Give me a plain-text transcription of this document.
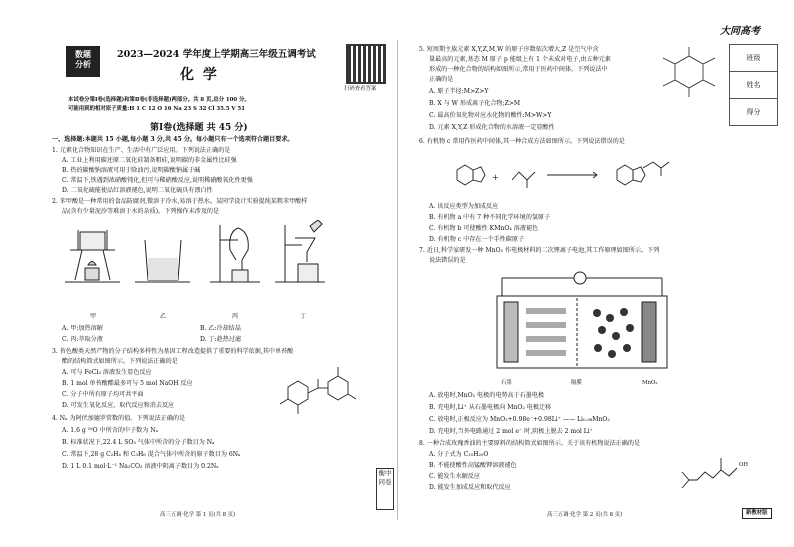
数题
分析
2023—2024 学年度上学期高三年级五调考试
化 学
扫码查看答案
本试卷分第Ⅰ卷(选择题)和第Ⅱ卷(非选择题)两部分。共 8 页,总分 100 分。
可能用到的相对原子质量:H 1 C 12 O 16 Na 23 S 32 Cl 35.5 V 51
第Ⅰ卷(选择题 共 45 分)
一、选择题:本题共 15 小题,每小题 3 分,共 45 分。每小题只有一个选项符合题目要求。
1. 元素化合物知识在生产、生活中有广泛应用。下列说法正确的是
A. 工业上利用碳还原二氧化硅制备粗硅,说明碳的非金属性比硅强
B. 热的碳酸钠溶液可用于除油污,说明碳酸钠属于碱
C. 常温下,铁遇到浓硝酸钝化,但可与稀硝酸反应,说明稀硝酸氧化性更强
D. 二氧化硫能使品红溶液褪色,说明二氧化硫具有漂白性
2. 苯甲酸是一种常用的食品防腐剂,微溶于冷水,易溶于热水。某同学设计实验提纯某粗苯甲酸样
品(含有少量泥沙等难溶于水的杂质)。下列操作未涉及的是
甲	乙	丙	丁
A. 甲:加热溶解	B. 乙:冷却结晶
C. 丙:萃取分液	D. 丁:趁热过滤
3. 苔色酸类天然产物的分子结构多样性为基因工程改造提供了重要的科学依据,其中单苔酸
酯的结构简式如图所示。下列说法正确的是
A. 可与 FeCl₃ 溶液发生显色反应
B. 1 mol 单苔酸酯最多可与 5 mol NaOH 反应
C. 分子中所有原子均可共平面
D. 可发生氧化反应、取代反应和消去反应
4. Nₐ 为阿伏加德罗常数的值。下列说法正确的是
A. 1.6 g ¹⁸O 中所含的中子数为 Nₐ
B. 标准状况下,22.4 L SO₃ 气体中所含的分子数目为 Nₐ
C. 常温下,28 g C₂H₄ 和 C₃H₆ 混合气体中所含的原子数目为 6Nₐ
D. 1 L 0.1 mol·L⁻¹ Na₂CO₃ 溶液中阴离子数目为 0.2Nₐ
衡中同卷
高三五调·化学 第 1 页(共 8 页)
大同高考
5. 短周期主族元素 X,Y,Z,M,W 的原子序数依次增大,Z 是空气中含
量最高的元素,基态 M 原子 p 能级上有 1 个未成对电子,由五种元素
形成的一种化合物的结构如图所示,常用于医药中间体。下列说法中
正确的是
A. 原子半径:M>Z>Y
B. X 与 W 形成离子化合物;Z>M
C. 最高价氧化物对应水化物的酸性:M>W>Y
D. 元素 X,Y,Z 形成化合物的水溶液一定显酸性
6. 有机物 c 常用作医药中间体,其一种合成方法如图所示。下列说法错误的是
+
A. 该反应类型为加成反应
B. 有机物 a 中有 7 种不同化学环境的氢原子
C. 有机物 b 可使酸性 KMnO₄ 溶液褪色
D. 有机物 c 中存在一个手性碳原子
7. 近日,科学家研发一种 MnO₂ 作电极材料的二次锂离子电池,其工作原理如图所示。下列
说法错误的是
石墨	隔膜	MnO₂
A. 放电时,MnO₂ 电极的电势高于石墨电极
B. 充电时,Li⁺ 从石墨电极向 MnO₂ 电极迁移
C. 放电时,正极反应为 MnO₂+0.98e⁻+0.98Li⁺ —— Li₀.₉₈MnO₂
D. 充电时,当外电路通过 2 mol e⁻ 时,阴极上脱去 2 mol Li⁺
8. 一种合成玫瑰香油的主要原料的结构简式如图所示。关于该有机物说法正确的是
A. 分子式为 C₁₀H₂₀O
B. 不能使酸性高锰酸钾溶液褪色
C. 能发生水解反应
D. 能发生加成反应和取代反应
OH
高三五调·化学 第 2 页(共 8 页)	新教材版
班级
姓名
得分
